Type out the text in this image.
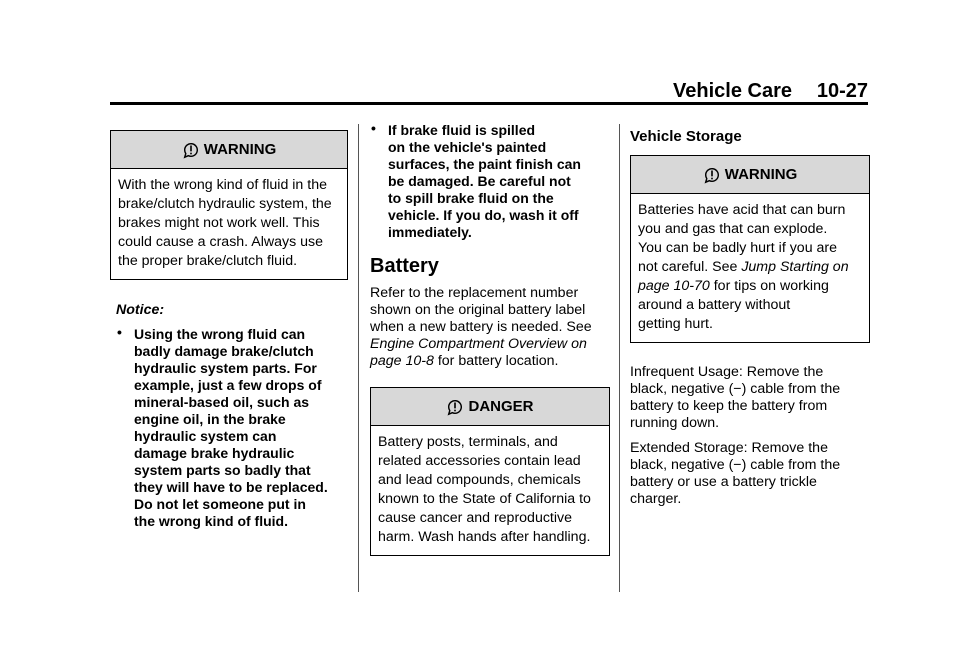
Vehicle Care 10-27
WARNING
With the wrong kind of fluid in the
brake/clutch hydraulic system, the
brakes might not work well. This
could cause a crash. Always use
the proper brake/clutch fluid.
Notice:
• Using the wrong fluid can
badly damage brake/clutch
hydraulic system parts. For
example, just a few drops of
mineral-based oil, such as
engine oil, in the brake
hydraulic system can
damage brake hydraulic
system parts so badly that
they will have to be replaced.
Do not let someone put in
the wrong kind of fluid.
• If brake fluid is spilled
on the vehicle's painted
surfaces, the paint finish can
be damaged. Be careful not
to spill brake fluid on the
vehicle. If you do, wash it off
immediately.
Battery
Refer to the replacement number
shown on the original battery label
when a new battery is needed. See
Engine Compartment Overview on
page 10-8 for battery location.
DANGER
Battery posts, terminals, and
related accessories contain lead
and lead compounds, chemicals
known to the State of California to
cause cancer and reproductive
harm. Wash hands after handling.
Vehicle Storage
WARNING
Batteries have acid that can burn
you and gas that can explode.
You can be badly hurt if you are
not careful. See Jump Starting on
page 10-70 for tips on working
around a battery without
getting hurt.
Infrequent Usage: Remove the
black, negative (−) cable from the
battery to keep the battery from
running down.
Extended Storage: Remove the
black, negative (−) cable from the
battery or use a battery trickle
charger.
